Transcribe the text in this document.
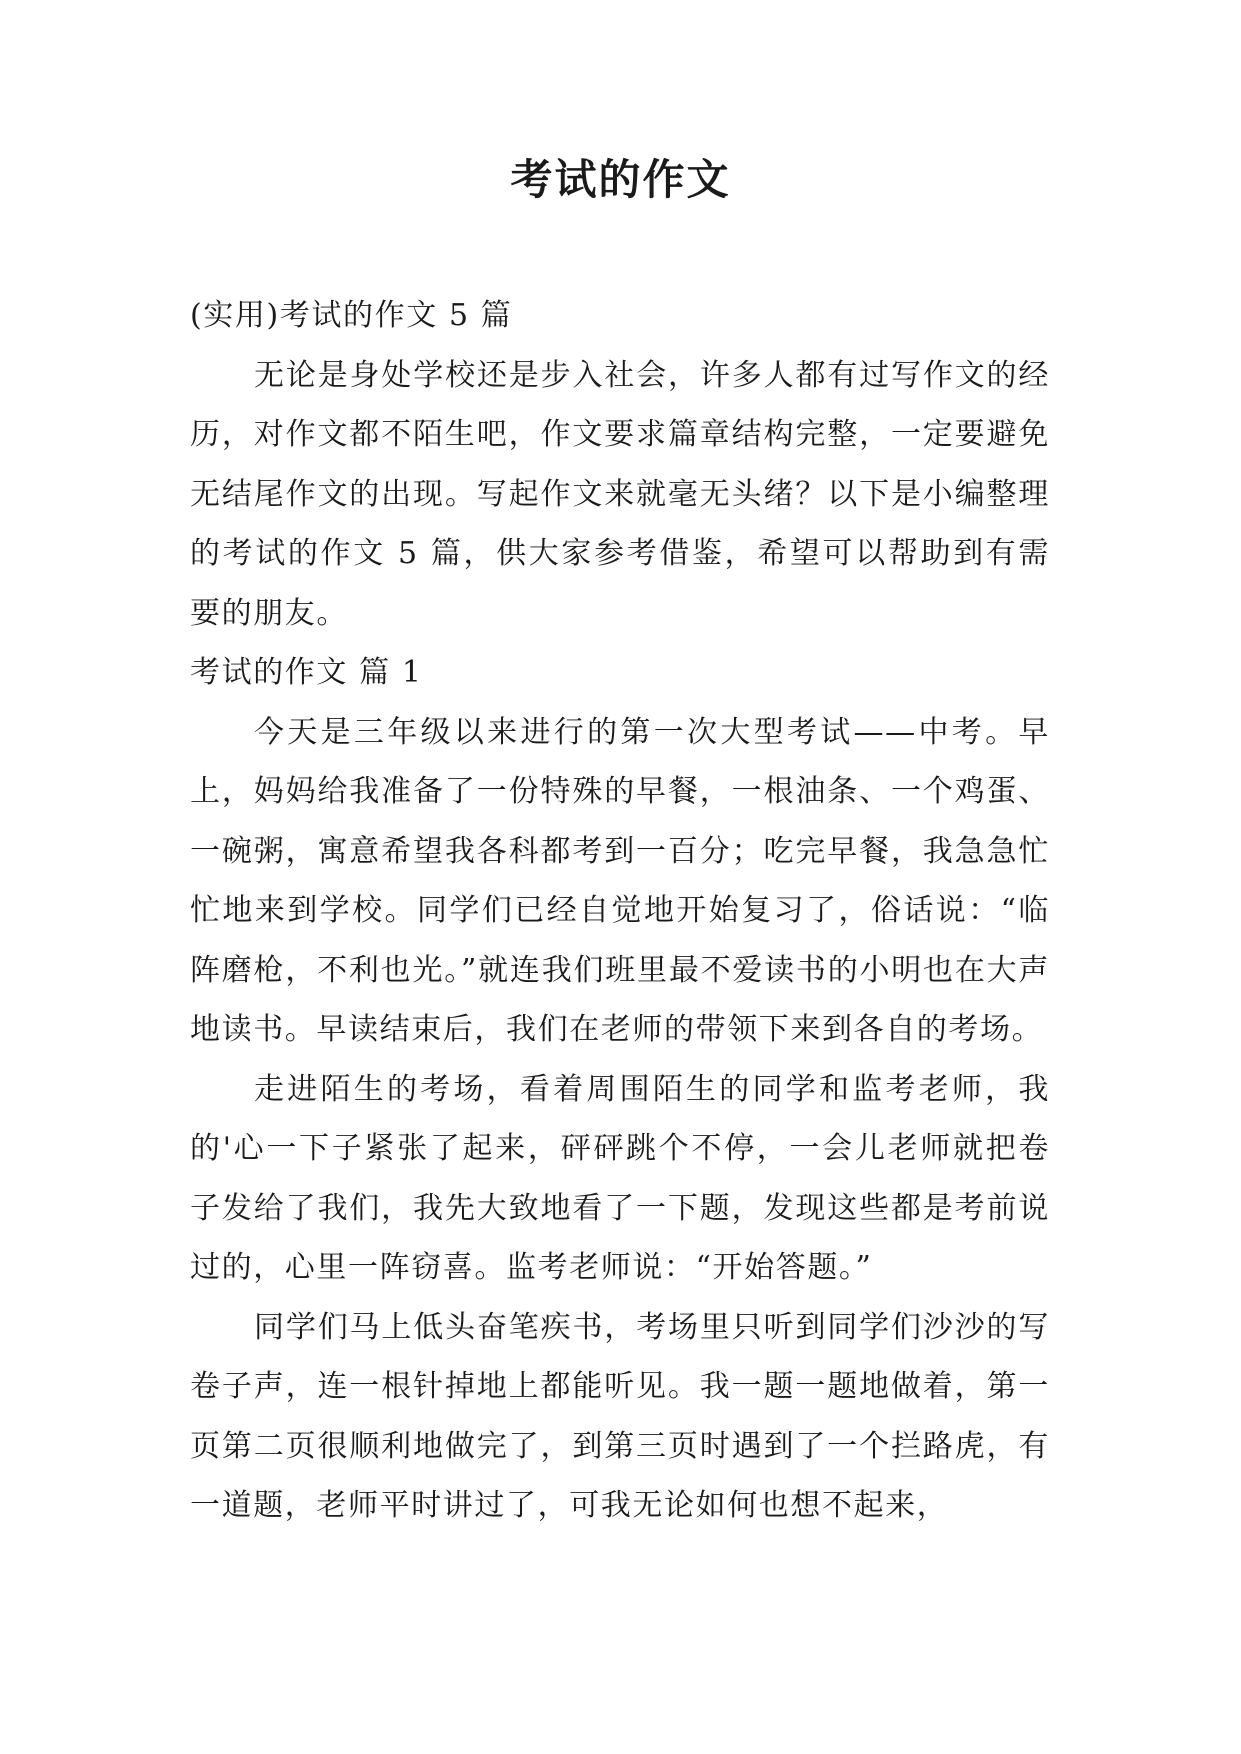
考试的作文

(实用)考试的作文 5 篇

无论是身处学校还是步入社会，许多人都有过写作文的经历，对作文都不陌生吧，作文要求篇章结构完整，一定要避免无结尾作文的出现。写起作文来就毫无头绪？以下是小编整理的考试的作文 5 篇，供大家参考借鉴，希望可以帮助到有需要的朋友。

考试的作文 篇 1

今天是三年级以来进行的第一次大型考试——中考。早上，妈妈给我准备了一份特殊的早餐，一根油条、一个鸡蛋、一碗粥，寓意希望我各科都考到一百分；吃完早餐，我急急忙忙地来到学校。同学们已经自觉地开始复习了，俗话说：“临阵磨枪，不利也光。”就连我们班里最不爱读书的小明也在大声地读书。早读结束后，我们在老师的带领下来到各自的考场。

走进陌生的考场，看着周围陌生的同学和监考老师，我的'心一下子紧张了起来，砰砰跳个不停，一会儿老师就把卷子发给了我们，我先大致地看了一下题，发现这些都是考前说过的，心里一阵窃喜。监考老师说：“开始答题。”

同学们马上低头奋笔疾书，考场里只听到同学们沙沙的写卷子声，连一根针掉地上都能听见。我一题一题地做着，第一页第二页很顺利地做完了，到第三页时遇到了一个拦路虎，有一道题，老师平时讲过了，可我无论如何也想不起来，
